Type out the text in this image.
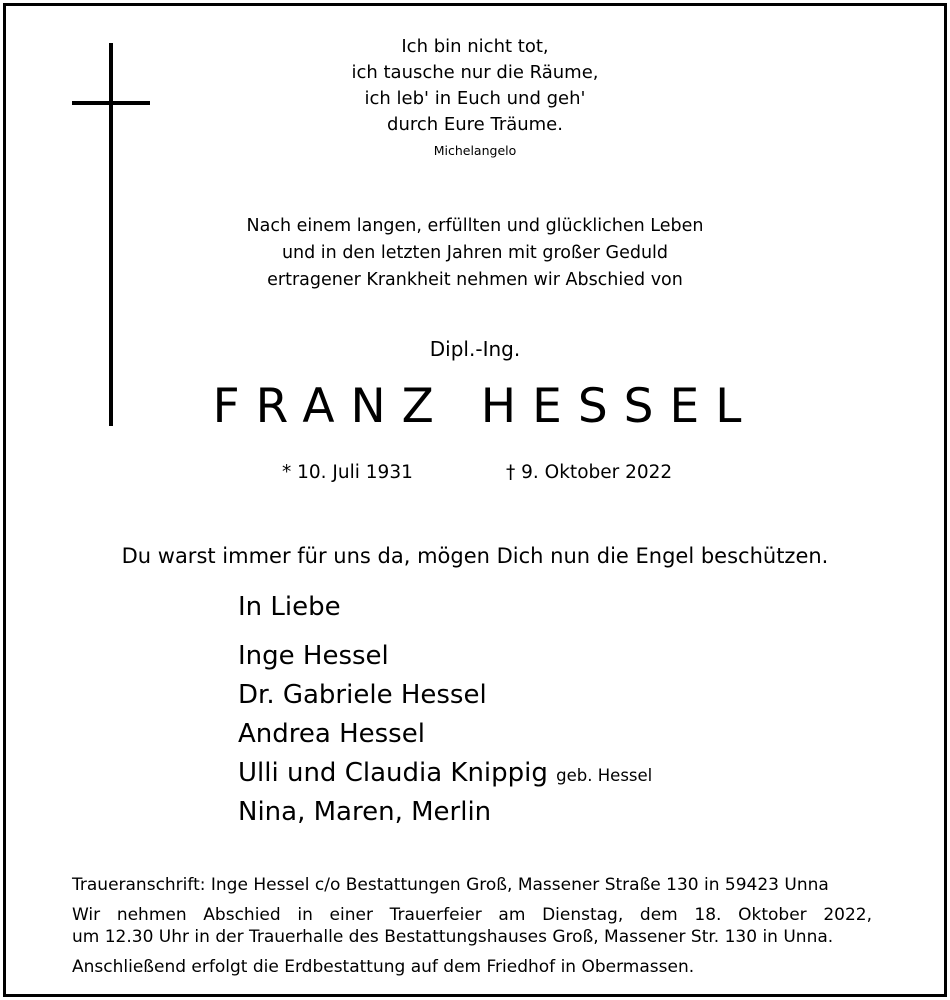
Ich bin nicht tot,
ich tausche nur die Räume,
ich leb' in Euch und geh'
durch Eure Träume.
Michelangelo
Nach einem langen, erfüllten und glücklichen Leben
und in den letzten Jahren mit großer Geduld
ertragener Krankheit nehmen wir Abschied von
Dipl.-Ing.
FRANZ HESSEL
* 10. Juli 1931	† 9. Oktober 2022
Du warst immer für uns da, mögen Dich nun die Engel beschützen.
In Liebe
Inge Hessel
Dr. Gabriele Hessel
Andrea Hessel
Ulli und Claudia Knippig geb. Hessel
Nina, Maren, Merlin
Traueranschrift: Inge Hessel c/o Bestattungen Groß, Massener Straße 130 in 59423 Unna
Wir nehmen Abschied in einer Trauerfeier am Dienstag, dem 18. Oktober 2022,
um 12.30 Uhr in der Trauerhalle des Bestattungshauses Groß, Massener Str. 130 in Unna.
Anschließend erfolgt die Erdbestattung auf dem Friedhof in Obermassen.
